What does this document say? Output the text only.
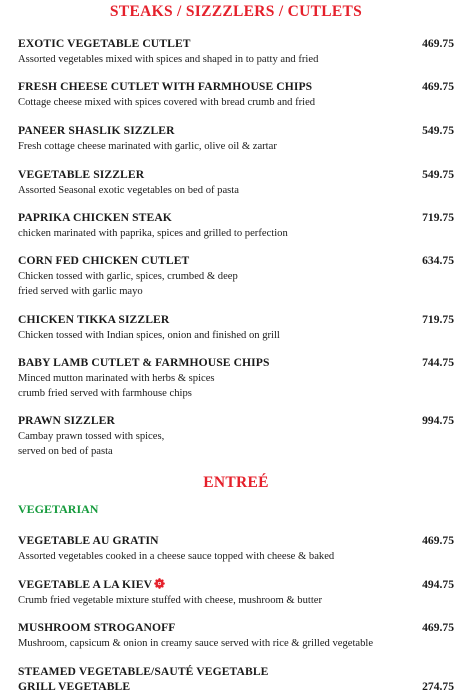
STEAKS / SIZZZLERS / CUTLETS
EXOTIC VEGETABLE CUTLET	469.75
Assorted vegetables mixed with spices and shaped in to patty and fried
FRESH CHEESE CUTLET WITH FARMHOUSE CHIPS	469.75
Cottage cheese mixed with spices covered with bread crumb and fried
PANEER SHASLIK SIZZLER	549.75
Fresh cottage cheese marinated with garlic, olive oil & zartar
VEGETABLE SIZZLER	549.75
Assorted Seasonal exotic vegetables on bed of pasta
PAPRIKA CHICKEN STEAK	719.75
chicken marinated with paprika, spices and grilled to perfection
CORN FED CHICKEN CUTLET	634.75
Chicken tossed with garlic, spices, crumbed & deep
fried served with garlic mayo
CHICKEN TIKKA SIZZLER	719.75
Chicken tossed with Indian spices, onion and finished on grill
BABY LAMB CUTLET & FARMHOUSE CHIPS	744.75
Minced mutton marinated with herbs & spices
crumb fried served with farmhouse chips
PRAWN SIZZLER	994.75
Cambay prawn tossed with spices,
served on bed of pasta
ENTREÉ
VEGETARIAN
VEGETABLE AU GRATIN	469.75
Assorted vegetables cooked in a cheese sauce topped with cheese & baked
VEGETABLE A LA KIEV	494.75
Crumb fried vegetable mixture stuffed with cheese, mushroom & butter
MUSHROOM STROGANOFF	469.75
Mushroom, capsicum & onion in creamy sauce served with rice & grilled vegetable
STEAMED VEGETABLE/SAUTÉ VEGETABLE
GRILL VEGETABLE	274.75
